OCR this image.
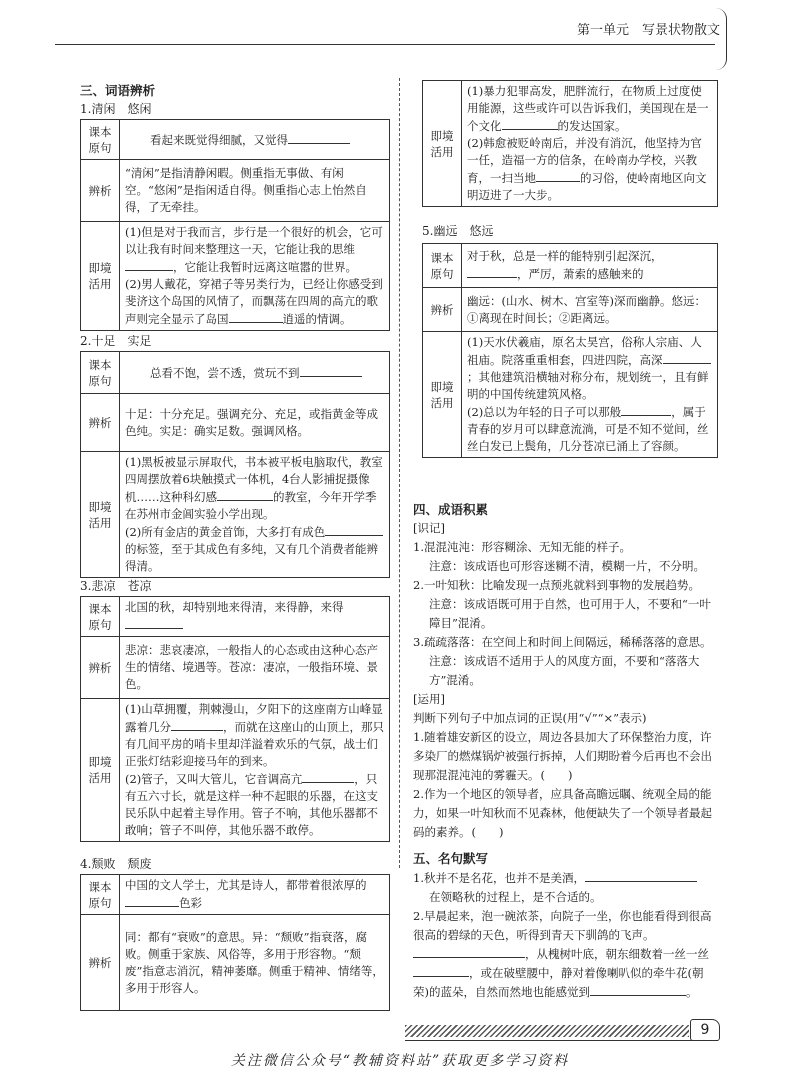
第一单元　 写景状物散文
三、词语辨析
1.清闲　悠闲
课本
原句	看起来既觉得细腻，又觉得
辨析	“清闲”是指清静闲暇。侧重指无事做、有闲空。“悠闲”是指闲适自得。侧重指心志上怡然自得，了无牵挂。
即境
活用	(1)但是对于我而言，步行是一个很好的机会，它可以让我有时间来整理这一天，它能让我的思维，它能让我暂时远离这喧嚣的世界。
(2)男人戴花，穿裙子等另类行为，已经让你感受到斐济这个岛国的风情了，而飘荡在四周的高亢的歌声则完全显示了岛国 逍遥的情调。
2.十足　实足
课本
原句	总看不饱，尝不透，赏玩不到
辨析	十足：十分充足。强调充分、充足，或指黄金等成色纯。实足：确实足数。强调风格。
即境
活用	(1)黑板被显示屏取代，书本被平板电脑取代，教室四周摆放着6块触摸式一体机，4台人影捕捉摄像机……这种科幻感 的教室，今年开学季在苏州市金阊实验小学出现。
(2)所有金店的黄金首饰，大多打有成色的标签，至于其成色有多纯，又有几个消费者能辨得清。
3.悲凉　苍凉
课本
原句	北国的秋，却特别地来得清，来得静，来得
辨析	悲凉：悲哀凄凉，一般指人的心态或由这种心态产生的情绪、境遇等。苍凉：凄凉，一般指环境、景色。
即境
活用	(1)山草拥覆，荆棘漫山，夕阳下的这座南方山峰显露着几分 ，而就在这座山的山顶上，那只有几间平房的哨卡里却洋溢着欢乐的气氛，战士们正张灯结彩迎接马年的到来。
(2)管子，又叫大管儿，它音调高亢 ，只有五六寸长，就是这样一种不起眼的乐器，在这支民乐队中起着主导作用。管子不响，其他乐器都不敢响；管子不叫停，其他乐器不敢停。
4.颓败　颓废
课本
原句	中国的文人学士，尤其是诗人，都带着很浓厚的色彩
辨析	同：都有“衰败”的意思。异：“颓败”指衰落，腐败。侧重于家族、风俗等，多用于形容物。“颓废”指意志消沉，精神萎靡。侧重于精神、情绪等，多用于形容人。
即境
活用	(1)暴力犯罪高发，肥胖流行，在物质上过度使用能源，这些或许可以告诉我们，美国现在是一个文化	的发达国家。
(2)韩愈被贬岭南后，并没有消沉，他坚持为官一任，造福一方的信条，在岭南办学校，兴教育，一扫当地	的习俗，使岭南地区向文明迈进了一大步。
5.幽远　悠远
课本
原句	对于秋，总是一样的能特别引起深沉，，严厉，萧索的感触来的
辨析	幽远：(山水、树木、宫室等)深而幽静。悠远：①离现在时间长；②距离远。
即境
活用	(1)天水伏羲庙，原名太昊宫，俗称人宗庙、人祖庙。院落重重相套，四进四院，高深；其他建筑沿横轴对称分布，规划统一，且有鲜明的中国传统建筑风格。
(2)总以为年轻的日子可以那般 ，属于青春的岁月可以肆意流淌，可是不知不觉间，丝丝白发已上鬓角，几分苍凉已涌上了容颜。
四、成语积累

[识记]

1.混混沌沌：形容糊涂、无知无能的样子。

注意：该成语也可形容迷糊不清，模糊一片，不分明。

2.一叶知秋：比喻发现一点预兆就料到事物的发展趋势。

注意：该成语既可用于自然，也可用于人，不要和“一叶障目”混淆。

3.疏疏落落：在空间上和时间上间隔远，稀稀落落的意思。

注意：该成语不适用于人的风度方面，不要和“落落大方”混淆。

[运用]

判断下列句子中加点词的正误(用“√”“×”表示)

1.随着雄安新区的设立，周边各县加大了环保整治力度，许多染厂的燃煤锅炉被强行拆掉，人们期盼着今后再也不会出现那混混沌沌的雾霾天。(　　)

2.作为一个地区的领导者，应具备高瞻远瞩、统观全局的能力，如果一叶知秋而不见森林，他便缺失了一个领导者最起码的素养。(　　)

五、名句默写

1.秋并不是名花，也并不是美酒，

在领略秋的过程上，是不合适的。

2.早晨起来，泡一碗浓茶，向院子一坐，你也能看得到很高很高的碧绿的天色，听得到青天下驯鸽的飞声。，从槐树叶底，朝东细数着一丝一丝，或在破壁腰中，静对着像喇叭似的牵牛花(朝荣)的蓝朵，自然而然地也能感觉到	。

9
关注微信公众号“教辅资料站”获取更多学习资料
